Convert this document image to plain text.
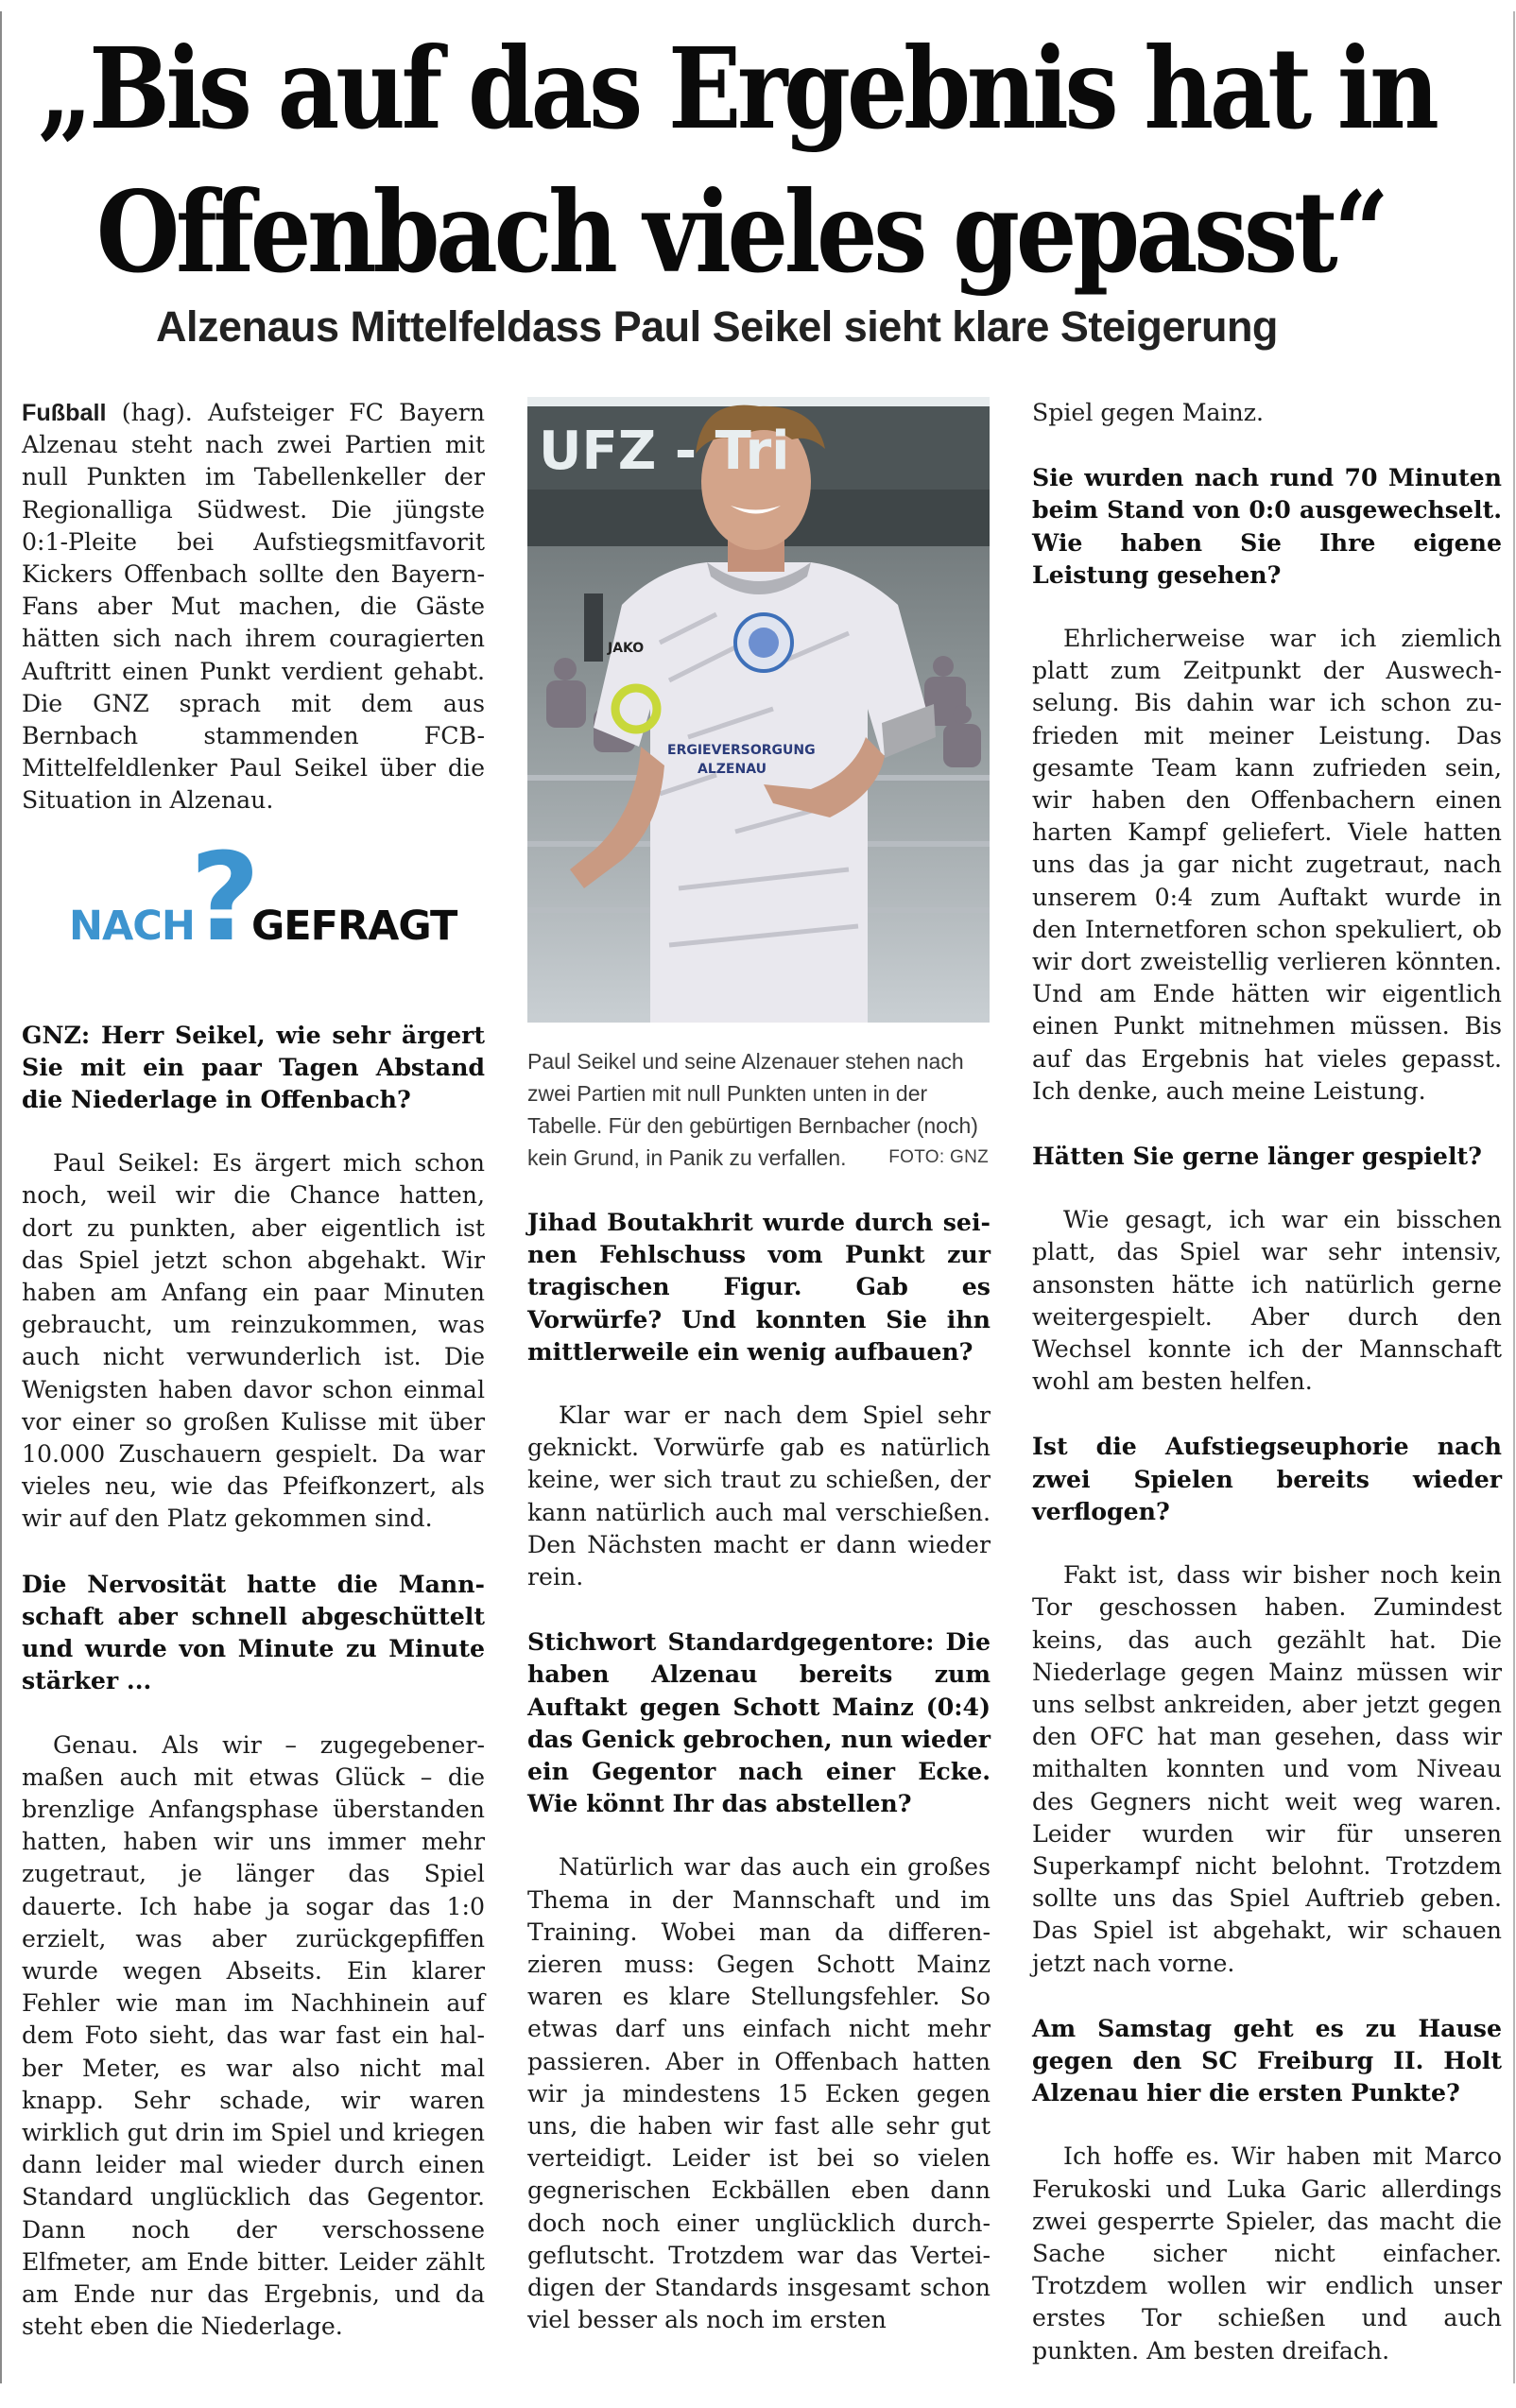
„Bis auf das Ergebnis hat in
Offenbach vieles gepasst“
Alzenaus Mittelfeldass Paul Seikel sieht klare Steigerung

Fußball (hag). Aufsteiger FC Bayern Alzenau steht nach zwei Partien mit null Punkten im Tabellenkeller der Regionalliga Südwest. Die jüngste 0:1-Pleite bei Aufstiegsmitfavorit Kickers Offenbach sollte den Bayern-Fans aber Mut machen, die Gäste hätten sich nach ihrem couragierten Auftritt einen Punkt verdient gehabt. Die GNZ sprach mit dem aus Bernbach stammenden FCB-Mittelfeldlenker Paul Seikel über die Situation in Alzenau.

NACH
?
GEFRAGT

GNZ: Herr Seikel, wie sehr ärgert Sie mit ein paar Tagen Abstand die Niederlage in Offenbach?

Paul Seikel: Es ärgert mich schon noch, weil wir die Chance hatten, dort zu punkten, aber eigentlich ist das Spiel jetzt schon abgehakt. Wir haben am Anfang ein paar Minuten gebraucht, um reinzukommen, was auch nicht verwunderlich ist. Die Wenigsten haben davor schon einmal vor einer so großen Kulisse mit über 10.000 Zuschauern gespielt. Da war vieles neu, wie das Pfeifkonzert, als wir auf den Platz gekommen sind.

Die Nervosität hatte die Mannschaft aber schnell abgeschüttelt und wurde von Minute zu Minute stärker ...

Genau. Als wir – zugegebenermaßen auch mit etwas Glück – die brenzlige Anfangsphase überstanden hatten, haben wir uns immer mehr zugetraut, je länger das Spiel dauerte. Ich habe ja sogar das 1:0 erzielt, was aber zurückgepfiffen wurde wegen Abseits. Ein klarer Fehler wie man im Nachhinein auf dem Foto sieht, das war fast ein halber Meter, es war also nicht mal knapp. Sehr schade, wir waren wirklich gut drin im Spiel und kriegen dann leider mal wieder durch einen Standard unglücklich das Gegentor. Dann noch der verschossene Elfmeter, am Ende bitter. Leider zählt am Ende nur das Ergebnis, und da steht eben die Niederlage.

UFZ - Tri
JAKO
ERGIEVERSORGUNG
ALZENAU
Paul Seikel und seine Alzenauer stehen nach zwei Partien mit null Punkten unten in der Tabelle. Für den gebürtigen Bernbacher (noch) kein Grund, in Panik zu verfallen. FOTO: GNZ

Jihad Boutakhrit wurde durch seinen Fehlschuss vom Punkt zur tragischen Figur. Gab es Vorwürfe? Und konnten Sie ihn mittlerweile ein wenig aufbauen?

Klar war er nach dem Spiel sehr geknickt. Vorwürfe gab es natürlich keine, wer sich traut zu schießen, der kann natürlich auch mal verschießen. Den Nächsten macht er dann wieder rein.

Stichwort Standardgegentore: Die haben Alzenau bereits zum Auftakt gegen Schott Mainz (0:4) das Genick gebrochen, nun wieder ein Gegentor nach einer Ecke. Wie könnt Ihr das abstellen?

Natürlich war das auch ein großes Thema in der Mannschaft und im Training. Wobei man da differenzieren muss: Gegen Schott Mainz waren es klare Stellungsfehler. So etwas darf uns einfach nicht mehr passieren. Aber in Offenbach hatten wir ja mindestens 15 Ecken gegen uns, die haben wir fast alle sehr gut verteidigt. Leider ist bei so vielen gegnerischen Eckbällen eben dann doch noch einer unglücklich durchgeflutscht. Trotzdem war das Verteidigen der Standards insgesamt schon viel besser als noch im ersten

Spiel gegen Mainz.

Sie wurden nach rund 70 Minuten beim Stand von 0:0 ausgewechselt. Wie haben Sie Ihre eigene Leistung gesehen?

Ehrlicherweise war ich ziemlich platt zum Zeitpunkt der Auswechselung. Bis dahin war ich schon zufrieden mit meiner Leistung. Das gesamte Team kann zufrieden sein, wir haben den Offenbachern einen harten Kampf geliefert. Viele hatten uns das ja gar nicht zugetraut, nach unserem 0:4 zum Auftakt wurde in den Internetforen schon spekuliert, ob wir dort zweistellig verlieren könnten. Und am Ende hätten wir eigentlich einen Punkt mitnehmen müssen. Bis auf das Ergebnis hat vieles gepasst. Ich denke, auch meine Leistung.

Hätten Sie gerne länger gespielt?

Wie gesagt, ich war ein bisschen platt, das Spiel war sehr intensiv, ansonsten hätte ich natürlich gerne weitergespielt. Aber durch den Wechsel konnte ich der Mannschaft wohl am besten helfen.

Ist die Aufstiegseuphorie nach zwei Spielen bereits wieder verflogen?

Fakt ist, dass wir bisher noch kein Tor geschossen haben. Zumindest keins, das auch gezählt hat. Die Niederlage gegen Mainz müssen wir uns selbst ankreiden, aber jetzt gegen den OFC hat man gesehen, dass wir mithalten konnten und vom Niveau des Gegners nicht weit weg waren. Leider wurden wir für unseren Superkampf nicht belohnt. Trotzdem sollte uns das Spiel Auftrieb geben. Das Spiel ist abgehakt, wir schauen jetzt nach vorne.

Am Samstag geht es zu Hause gegen den SC Freiburg II. Holt Alzenau hier die ersten Punkte?

Ich hoffe es. Wir haben mit Marco Ferukoski und Luka Garic allerdings zwei gesperrte Spieler, das macht die Sache sicher nicht einfacher. Trotzdem wollen wir endlich unser erstes Tor schießen und auch punkten. Am besten dreifach.
